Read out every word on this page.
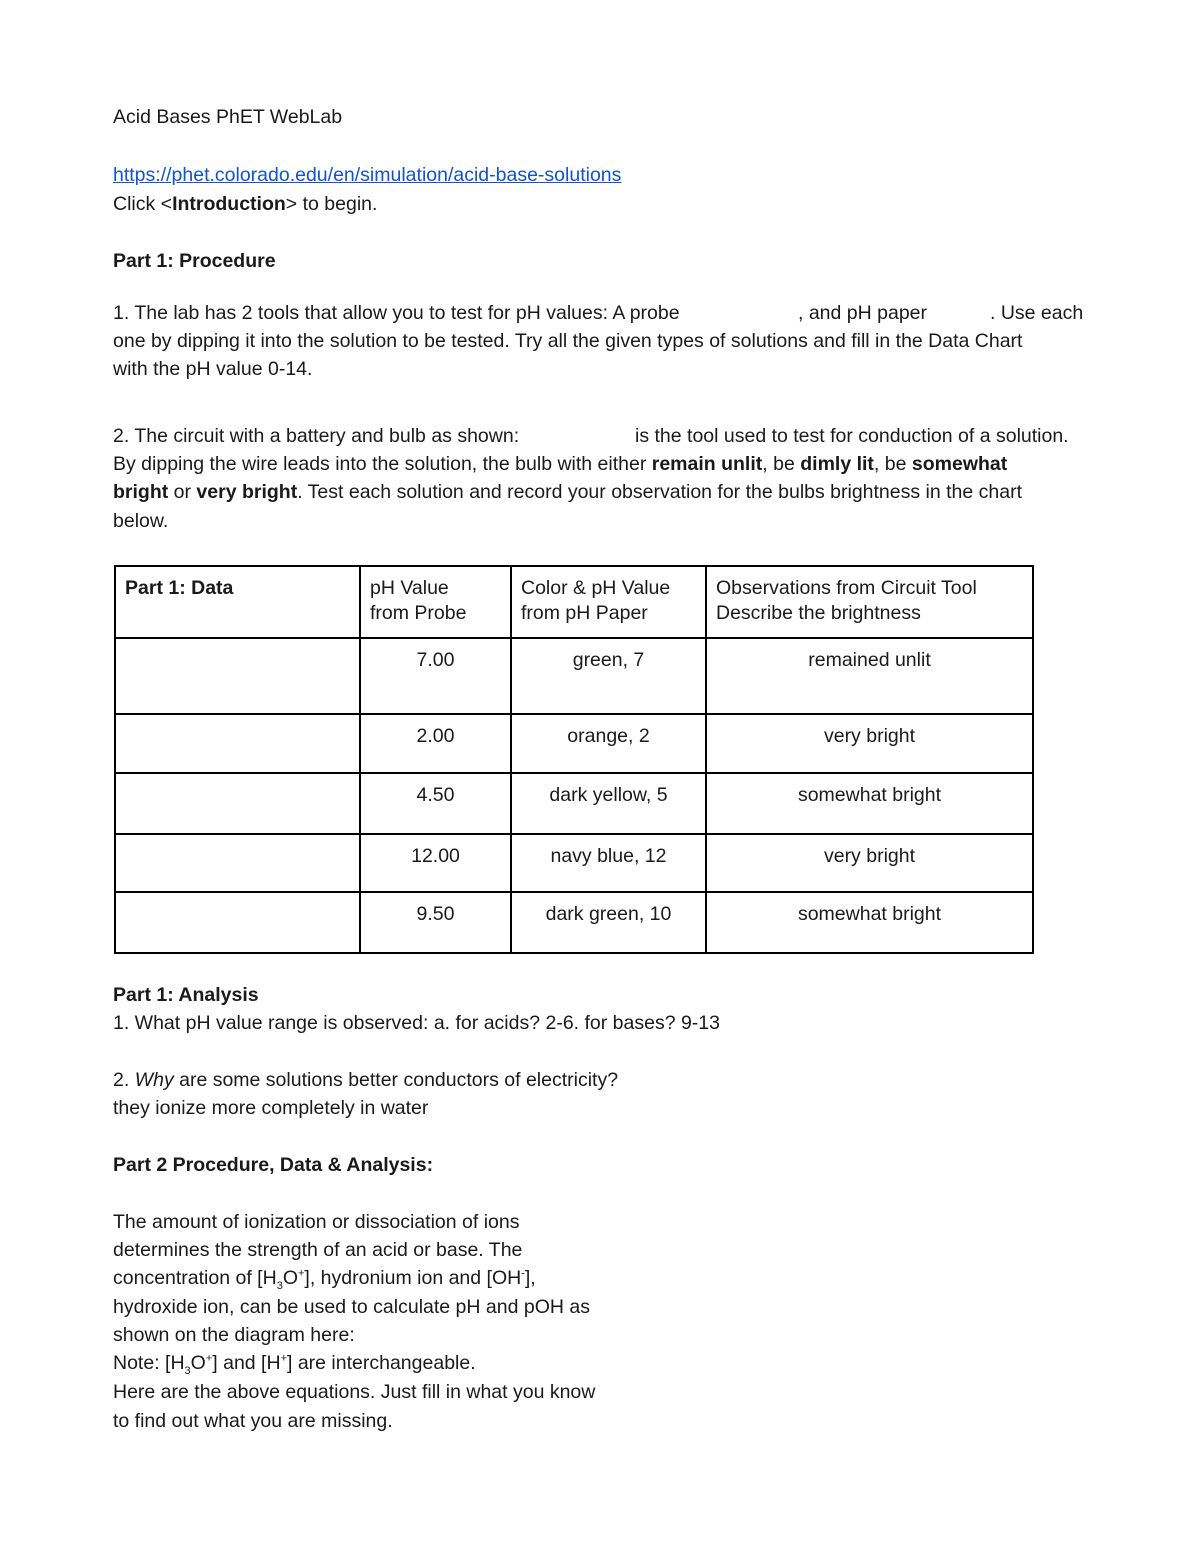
Acid Bases PhET WebLab
https://phet.colorado.edu/en/simulation/acid-base-solutions
Click <Introduction> to begin.
Part 1: Procedure
1. The lab has 2 tools that allow you to test for pH values: A probe	, and pH paper	. Use each
one by dipping it into the solution to be tested. Try all the given types of solutions and fill in the Data Chart
with the pH value 0-14.
2. The circuit with a battery and bulb as shown:	is the tool used to test for conduction of a solution.
By dipping the wire leads into the solution, the bulb with either remain unlit, be dimly lit, be somewhat
bright or very bright. Test each solution and record your observation for the bulbs brightness in the chart
below.
Part 1: Data	pH Value
from Probe	Color & pH Value
from pH Paper	Observations from Circuit Tool
Describe the brightness

	7.00	green, 7	remained unlit

	2.00	orange, 2	very bright

	4.50	dark yellow, 5	somewhat bright

	12.00	navy blue, 12	very bright

	9.50	dark green, 10	somewhat bright
Part 1: Analysis
1. What pH value range is observed: a. for acids? 2-6. for bases? 9-13
2. Why are some solutions better conductors of electricity?
they ionize more completely in water
Part 2 Procedure, Data & Analysis:
The amount of ionization or dissociation of ions
determines the strength of an acid or base. The
concentration of $[H_3O^+]$, hydronium ion and [OH-],
hydroxide ion, can be used to calculate pH and pOH as
shown on the diagram here:
Note: $[H_3O^+]$ and [H+] are interchangeable.
Here are the above equations. Just fill in what you know
to find out what you are missing.
